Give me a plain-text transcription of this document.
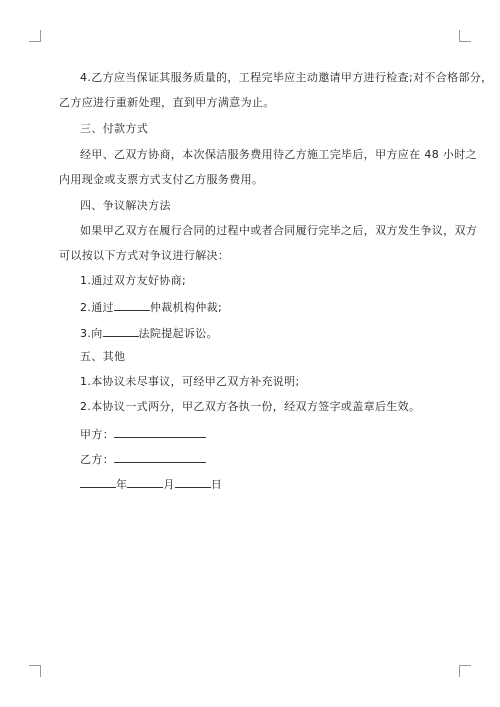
4.乙方应当保证其服务质量的，工程完毕应主动邀请甲方进行检查;对不合格部分，
乙方应进行重新处理，直到甲方满意为止。
三、付款方式
经甲、乙双方协商，本次保洁服务费用待乙方施工完毕后，甲方应在 48 小时之
内用现金或支票方式支付乙方服务费用。
四、争议解决方法
如果甲乙双方在履行合同的过程中或者合同履行完毕之后，双方发生争议，双方
可以按以下方式对争议进行解决：
1.通过双方友好协商;
2.通过	仲裁机构仲裁;
3.向	法院提起诉讼。
五、其他
1.本协议未尽事议，可经甲乙双方补充说明;
2.本协议一式两分，甲乙双方各执一份，经双方签字或盖章后生效。
甲方：
乙方：
年	月	日
